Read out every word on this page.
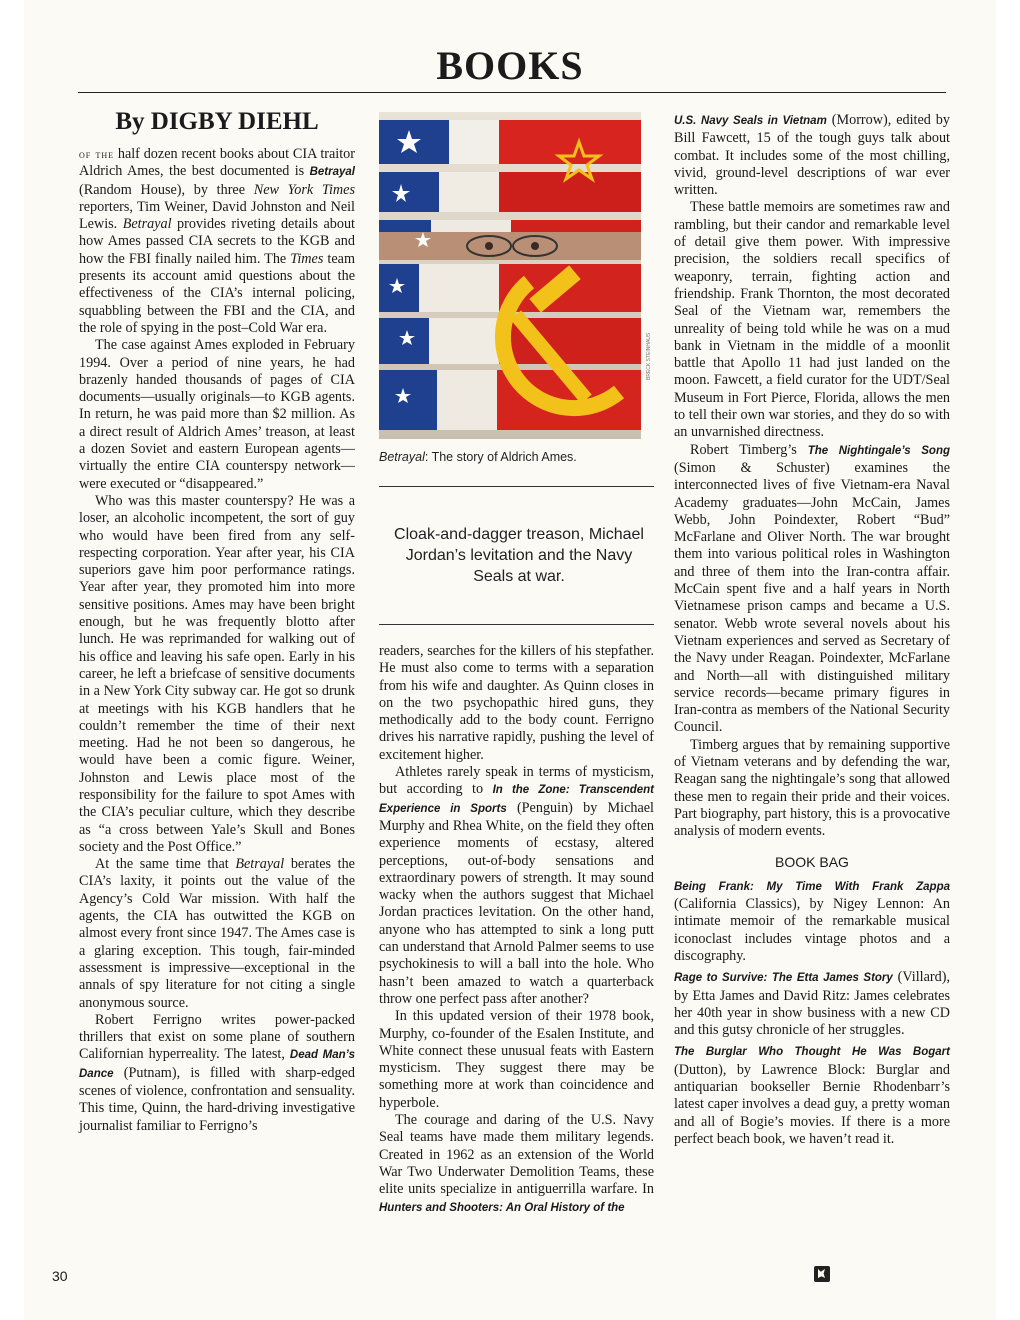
BOOKS
By DIGBY DIEHL

of the half dozen recent books about CIA traitor Aldrich Ames, the best documented is Betrayal (Random House), by three New York Times reporters, Tim Weiner, David Johnston and Neil Lewis. Betrayal provides riveting details about how Ames passed CIA secrets to the KGB and how the FBI finally nailed him. The Times team presents its account amid questions about the effectiveness of the CIA’s internal policing, squabbling between the FBI and the CIA, and the role of spying in the post–Cold War era.

The case against Ames exploded in February 1994. Over a period of nine years, he had brazenly handed thousands of pages of CIA documents—usually originals—to KGB agents. In return, he was paid more than $2 million. As a direct result of Aldrich Ames’ treason, at least a dozen Soviet and eastern European agents—virtually the entire CIA counterspy network—were executed or “disappeared.”

Who was this master counterspy? He was a loser, an alcoholic incompetent, the sort of guy who would have been fired from any self-respecting corporation. Year after year, his CIA superiors gave him poor performance ratings. Year after year, they promoted him into more sensitive positions. Ames may have been bright enough, but he was frequently blotto after lunch. He was reprimanded for walking out of his office and leaving his safe open. Early in his career, he left a briefcase of sensitive documents in a New York City subway car. He got so drunk at meetings with his KGB handlers that he couldn’t remember the time of their next meeting. Had he not been so dangerous, he would have been a comic figure. Weiner, Johnston and Lewis place most of the responsibility for the failure to spot Ames with the CIA’s peculiar culture, which they describe as “a cross between Yale’s Skull and Bones society and the Post Office.”

At the same time that Betrayal berates the CIA’s laxity, it points out the value of the Agency’s Cold War mission. With half the agents, the CIA has outwitted the KGB on almost every front since 1947. The Ames case is a glaring exception. This tough, fair-minded assessment is impressive—exceptional in the annals of spy literature for not citing a single anonymous source.

Robert Ferrigno writes power-packed thrillers that exist on some plane of southern Californian hyperreality. The latest, Dead Man’s Dance (Putnam), is filled with sharp-edged scenes of violence, confrontation and sensuality. This time, Quinn, the hard-driving investigative journalist familiar to Ferrigno’s

BRECK STEINHAUS
Betrayal: The story of Aldrich Ames.
Cloak-and-dagger treason, Michael Jordan’s levitation and the Navy Seals at war.

readers, searches for the killers of his stepfather. He must also come to terms with a separation from his wife and daughter. As Quinn closes in on the two psychopathic hired guns, they methodically add to the body count. Ferrigno drives his narrative rapidly, pushing the level of excitement higher.

Athletes rarely speak in terms of mysticism, but according to In the Zone: Transcendent Experience in Sports (Penguin) by Michael Murphy and Rhea White, on the field they often experience moments of ecstasy, altered perceptions, out-of-body sensations and extraordinary powers of strength. It may sound wacky when the authors suggest that Michael Jordan practices levitation. On the other hand, anyone who has attempted to sink a long putt can understand that Arnold Palmer seems to use psychokinesis to will a ball into the hole. Who hasn’t been amazed to watch a quarterback throw one perfect pass after another?

In this updated version of their 1978 book, Murphy, co-founder of the Esalen Institute, and White connect these unusual feats with Eastern mysticism. They suggest there may be something more at work than coincidence and hyperbole.

The courage and daring of the U.S. Navy Seal teams have made them military legends. Created in 1962 as an extension of the World War Two Underwater Demolition Teams, these elite units specialize in antiguerrilla warfare. In Hunters and Shooters: An Oral History of the

U.S. Navy Seals in Vietnam (Morrow), edited by Bill Fawcett, 15 of the tough guys talk about combat. It includes some of the most chilling, vivid, ground-level descriptions of war ever written.

These battle memoirs are sometimes raw and rambling, but their candor and remarkable level of detail give them power. With impressive precision, the soldiers recall specifics of weaponry, terrain, fighting action and friendship. Frank Thornton, the most decorated Seal of the Vietnam war, remembers the unreality of being told while he was on a mud bank in Vietnam in the middle of a moonlit battle that Apollo 11 had just landed on the moon. Fawcett, a field curator for the UDT/Seal Museum in Fort Pierce, Florida, allows the men to tell their own war stories, and they do so with an unvarnished directness.

Robert Timberg’s The Nightingale’s Song (Simon & Schuster) examines the interconnected lives of five Vietnam-era Naval Academy graduates—John McCain, James Webb, John Poindexter, Robert “Bud” McFarlane and Oliver North. The war brought them into various political roles in Washington and three of them into the Iran-contra affair. McCain spent five and a half years in North Vietnamese prison camps and became a U.S. senator. Webb wrote several novels about his Vietnam experiences and served as Secretary of the Navy under Reagan. Poindexter, McFarlane and North—all with distinguished military service records—became primary figures in Iran-contra as members of the National Security Council.

Timberg argues that by remaining supportive of Vietnam veterans and by defending the war, Reagan sang the nightingale’s song that allowed these men to regain their pride and their voices. Part biography, part history, this is a provocative analysis of modern events.

BOOK BAG

Being Frank: My Time With Frank Zappa (California Classics), by Nigey Lennon: An intimate memoir of the remarkable musical iconoclast includes vintage photos and a discography.

Rage to Survive: The Etta James Story (Villard), by Etta James and David Ritz: James celebrates her 40th year in show business with a new CD and this gutsy chronicle of her struggles.

The Burglar Who Thought He Was Bogart (Dutton), by Lawrence Block: Burglar and antiquarian bookseller Bernie Rhodenbarr’s latest caper involves a dead guy, a pretty woman and all of Bogie’s movies. If there is a more perfect beach book, we haven’t read it.

30
